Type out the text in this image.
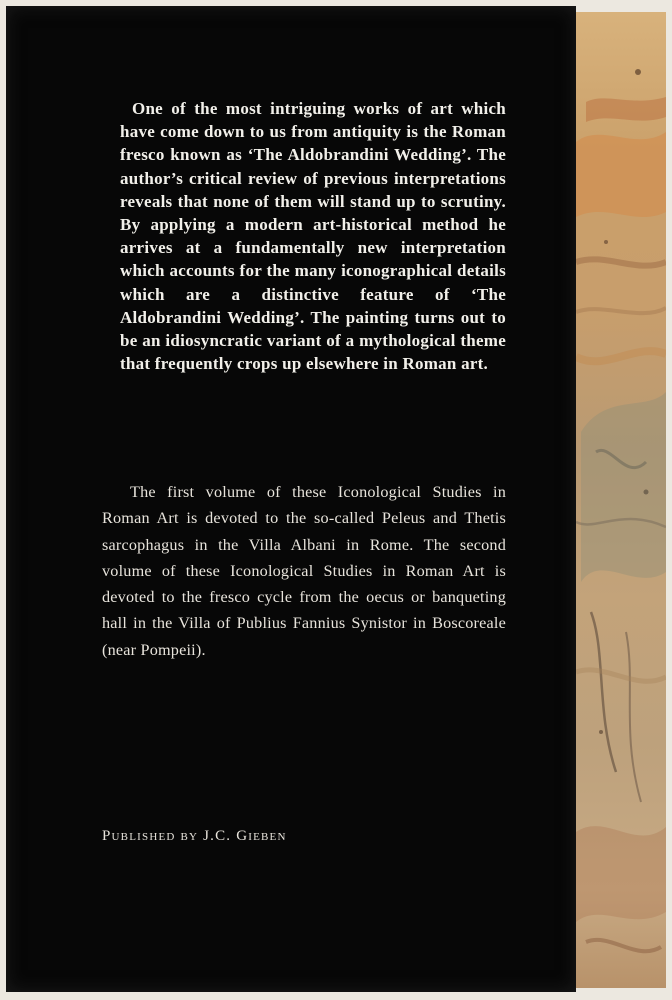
One of the most intriguing works of art which have come down to us from antiquity is the Roman fresco known as ‘The Aldobrandini Wedding’. The author’s critical review of previous interpretations reveals that none of them will stand up to scrutiny. By applying a modern art-historical method he arrives at a fundamentally new interpretation which accounts for the many iconographical details which are a distinctive feature of ‘The Aldobrandini Wedding’. The painting turns out to be an idiosyncratic variant of a mythological theme that frequently crops up elsewhere in Roman art.

The first volume of these Iconological Studies in Roman Art is devoted to the so-called Peleus and Thetis sarcophagus in the Villa Albani in Rome. The second volume of these Iconological Studies in Roman Art is devoted to the fresco cycle from the oecus or banqueting hall in the Villa of Publius Fannius Synistor in Boscoreale (near Pompeii).

Published by J.C. Gieben
